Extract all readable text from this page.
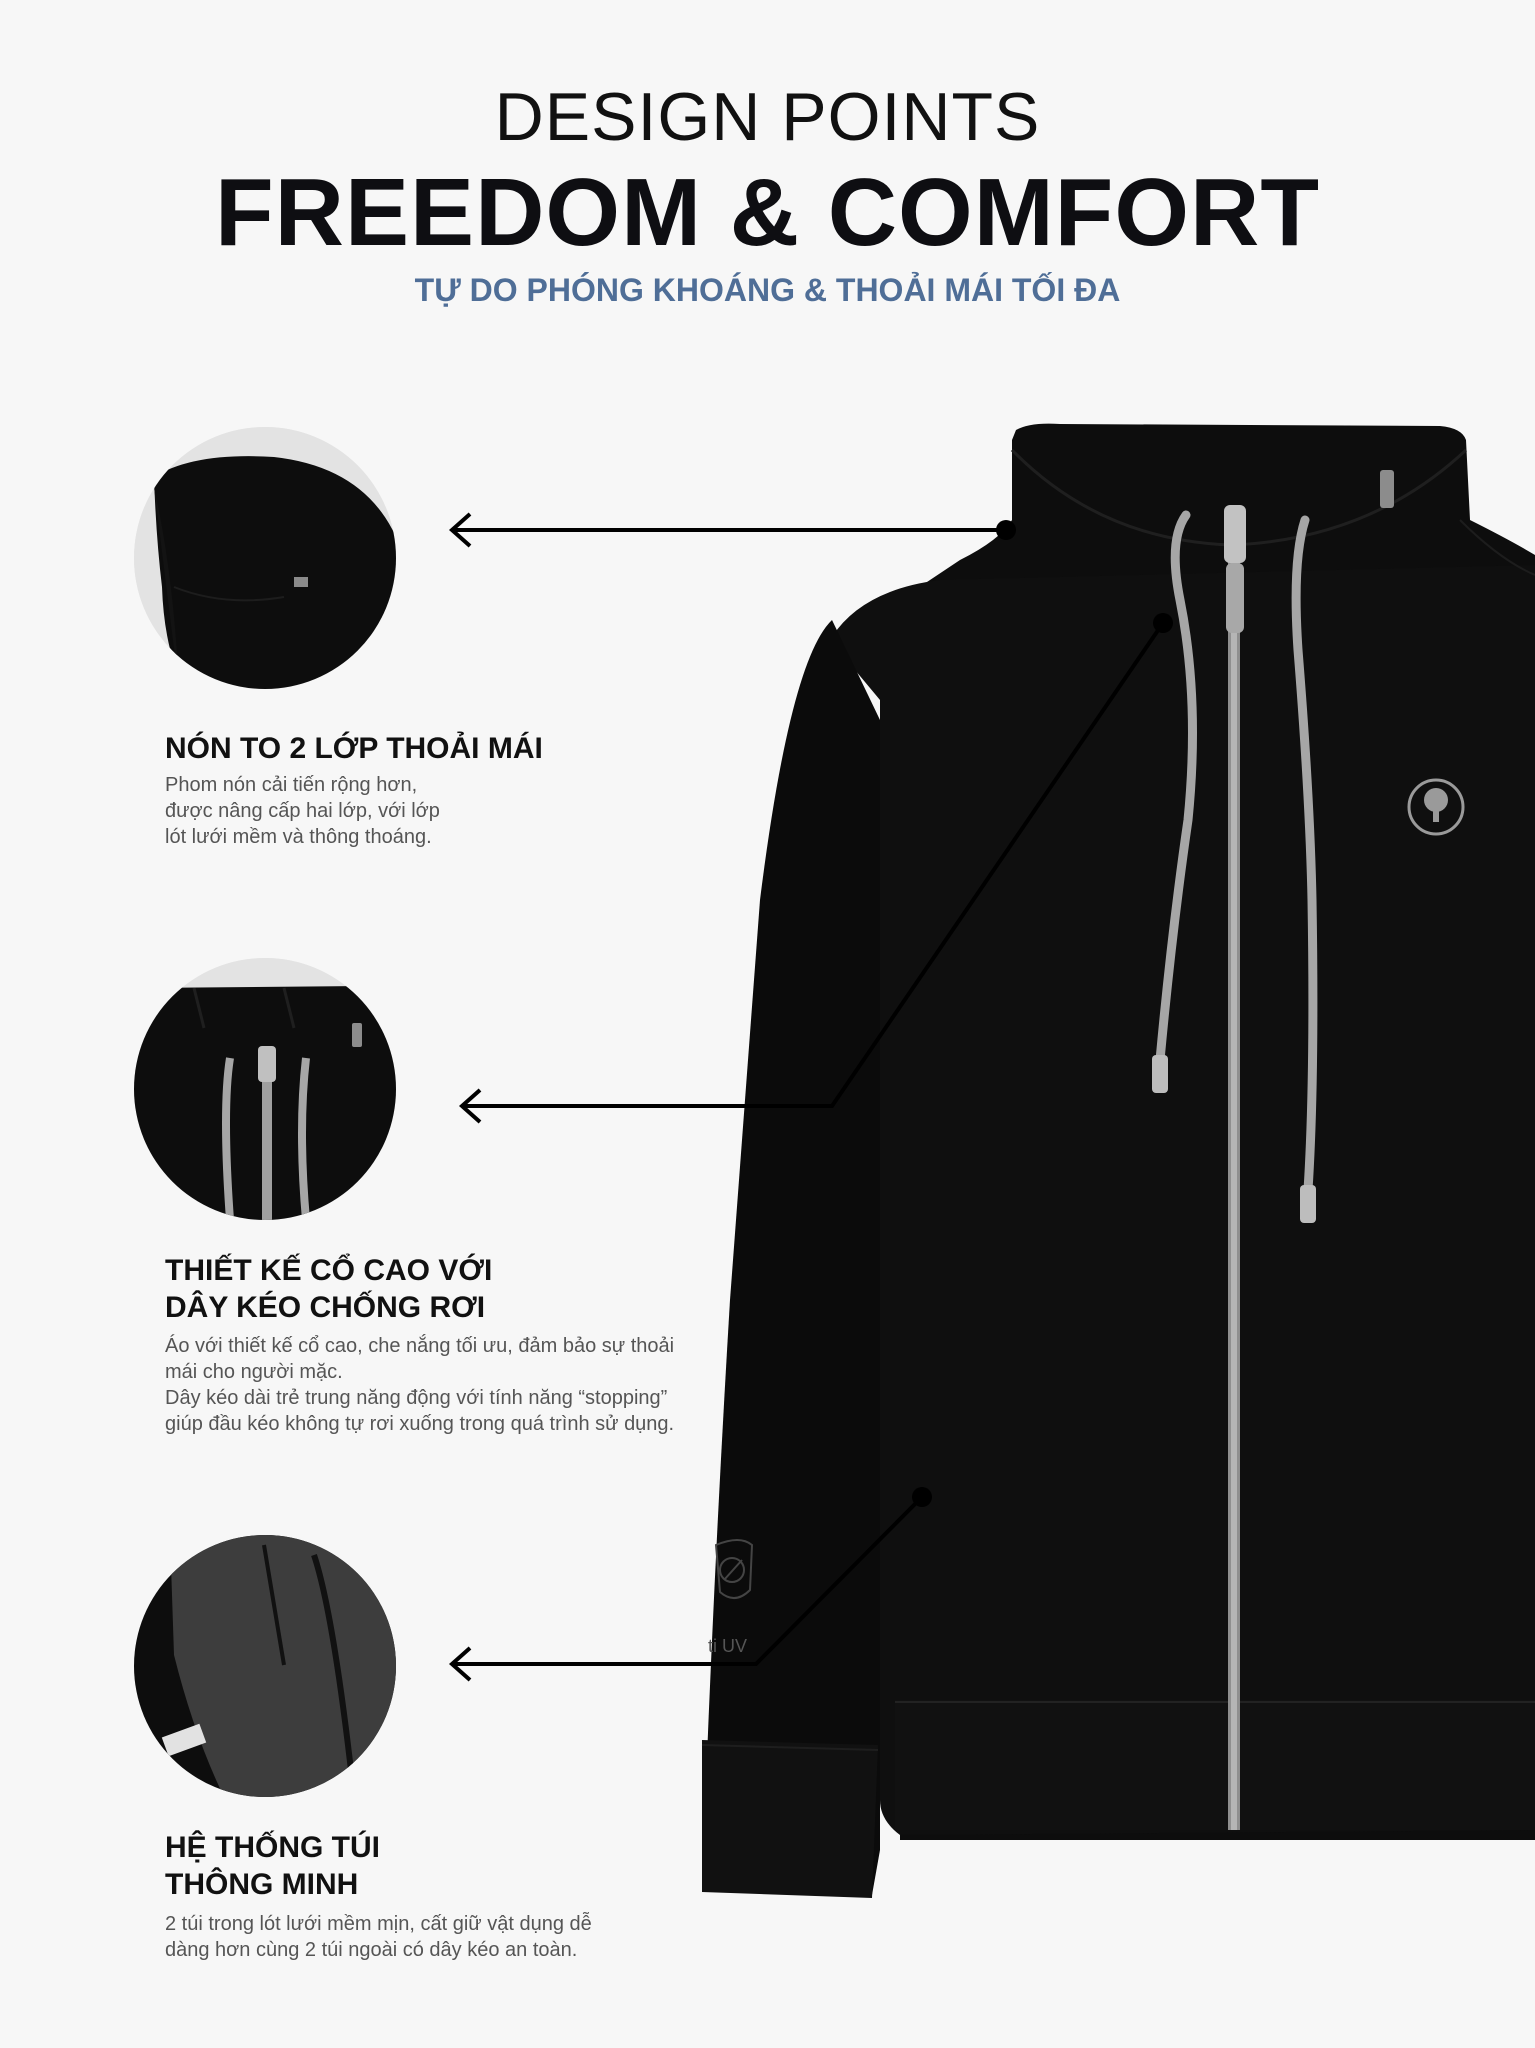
DESIGN POINTS
FREEDOM & COMFORT
TỰ DO PHÓNG KHOÁNG & THOẢI MÁI TỐI ĐA
ti UV
NÓN TO 2 LỚP THOẢI MÁI
Phom nón cải tiến rộng hơn,
được nâng cấp hai lớp, với lớp
lót lưới mềm và thông thoáng.
THIẾT KẾ CỔ CAO VỚI
DÂY KÉO CHỐNG RƠI
Áo với thiết kế cổ cao, che nắng tối ưu, đảm bảo sự thoải
mái cho người mặc.
Dây kéo dài trẻ trung năng động với tính năng “stopping”
giúp đầu kéo không tự rơi xuống trong quá trình sử dụng.
HỆ THỐNG TÚI
THÔNG MINH
2 túi trong lót lưới mềm mịn, cất giữ vật dụng dễ
dàng hơn cùng 2 túi ngoài có dây kéo an toàn.
